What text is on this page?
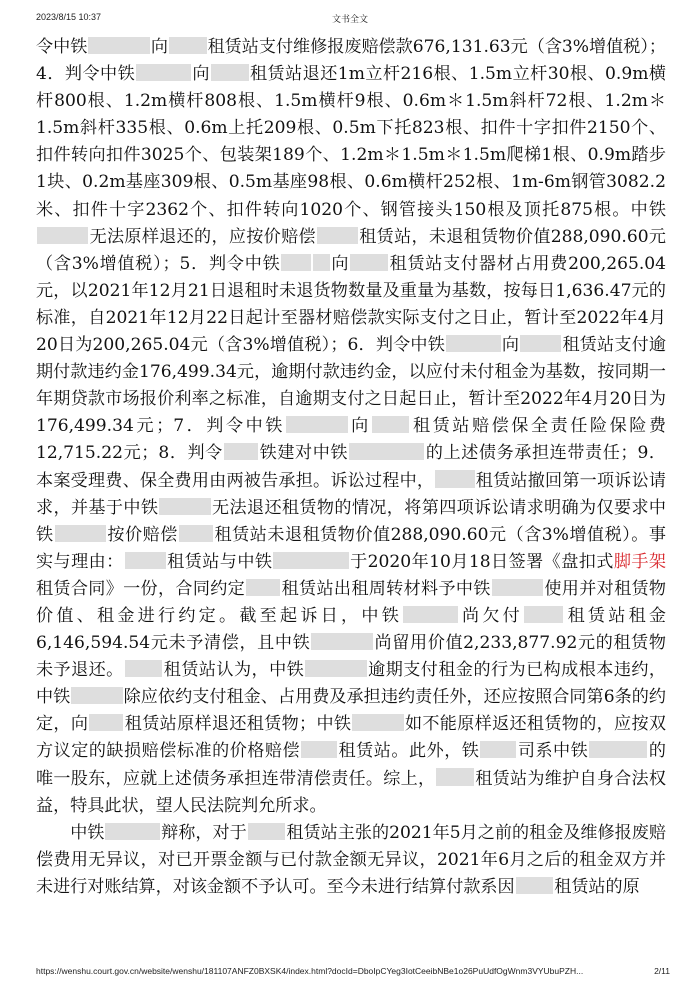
2023/8/15 10:37	文书全文

令中铁	向 租赁站支付维修报废赔偿款676,131.63元（含3%增值税）；4．判令中铁	向 租赁站退还1m立杆216根、1.5m立杆30根、0.9m横杆800根、1.2m横杆808根、1.5m横杆9根、0.6m＊1.5m斜杆72根、1.2m＊1.5m斜杆335根、0.6m上托209根、0.5m下托823根、扣件十字扣件2150个、扣件转向扣件3025个、包装架189个、1.2m＊1.5m＊1.5m爬梯1根、0.9m踏步1块、0.2m基座309根、0.5m基座98根、0.6m横杆252根、1m-6m钢管3082.2米、扣件十字2362个、扣件转向1020个、钢管接头150根及顶托875根。中铁无法原样退还的，应按价赔偿	租赁站，未退租赁物价值288,090.60元（含3%增值税）；5．判令中铁	向 租赁站支付器材占用费200,265.04元，以2021年12月21日退租时未退货物数量及重量为基数，按每日1,636.47元的标准，自2021年12月22日起计至器材赔偿款实际支付之日止，暂计至2022年4月20日为200,265.04元（含3%增值税）；6．判令中铁	向	租赁站支付逾期付款违约金176,499.34元，逾期付款违约金，以应付未付租金为基数，按同期一年期贷款市场报价利率之标准，自逾期支付之日起日止，暂计至2022年4月20日为176,499.34元；7．判令中铁	向 租赁站赔偿保全责任险保险费12,715.22元；8．判令 铁建对中铁	的上述债务承担连带责任；9．本案受理费、保全费用由两被告承担。诉讼过程中， 租赁站撤回第一项诉讼请求，并基于中铁	无法退还租赁物的情况，将第四项诉讼请求明确为仅要求中铁	按价赔偿 租赁站未退租赁物价值288,090.60元（含3%增值税）。事实与理由：	租赁站与中铁	于2020年10月18日签署《盘扣式脚手架租赁合同》一份，合同约定 租赁站出租周转材料予中铁	使用并对租赁物价值、租金进行约定。截至起诉日，中铁	尚欠付 租赁站租金6,146,594.54元未予清偿，且中铁	尚留用价值2,233,877.92元的租赁物未予退还。 租赁站认为，中铁	逾期支付租金的行为已构成根本违约，中铁	除应依约支付租金、占用费及承担违约责任外，还应按照合同第6条的约定，向 租赁站原样退还租赁物；中铁	如不能原样返还租赁物的，应按双方议定的缺损赔偿标准的价格赔偿 租赁站。此外，铁 司系中铁	的唯一股东，应就上述债务承担连带清偿责任。综上， 租赁站为维护自身合法权益，特具此状，望人民法院判允所求。

中铁	辩称，对于 租赁站主张的2021年5月之前的租金及维修报废赔偿费用无异议，对已开票金额与已付款金额无异议，2021年6月之后的租金双方并未进行对账结算，对该金额不予认可。至今未进行结算付款系因 租赁站的原

https://wenshu.court.gov.cn/website/wenshu/181107ANFZ0BXSK4/index.html?docId=DboIpCYeg3IotCeeibNBe1o26PuUdfOgWnm3VYUbuPZH...	2/11
